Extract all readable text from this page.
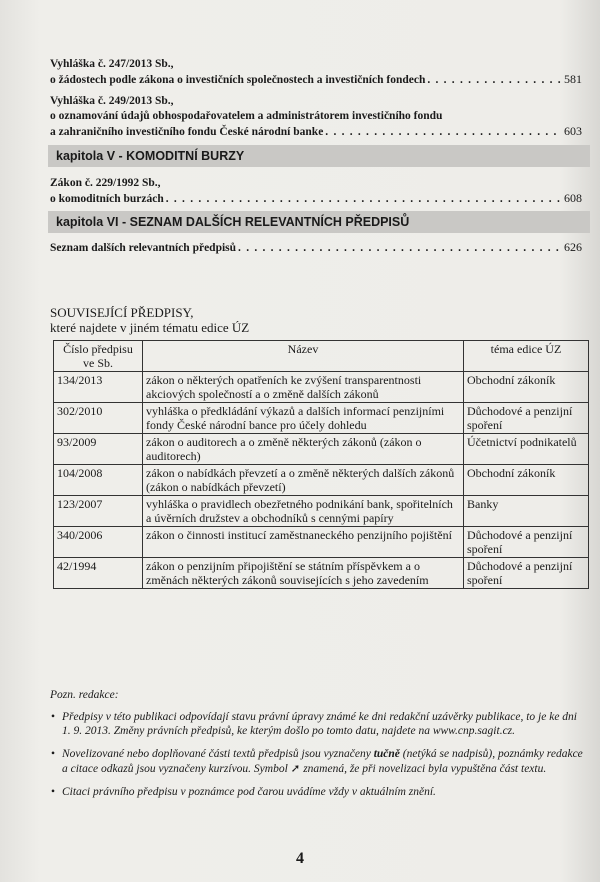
Vyhláška č. 247/2013 Sb.,
o žádostech podle zákona o investičních společnostech a investičních fondech . . .	581
Vyhláška č. 249/2013 Sb.,
o oznamování údajů obhospodařovatelem a administrátorem investičního fondu
a zahraničního investičního fondu České národní banke . . .	603
kapitola V - KOMODITNÍ BURZY
Zákon č. 229/1992 Sb.,
o komoditních burzách . . .	608
kapitola VI - SEZNAM DALŠÍCH RELEVANTNÍCH PŘEDPISŮ
Seznam dalších relevantních předpisů . . .	626
SOUVISEJÍCÍ PŘEDPISY,
které najdete v jiném tématu edice ÚZ
Číslo předpisu ve Sb.	Název	téma edice ÚZ
134/2013	zákon o některých opatřeních ke zvýšení transparentnosti akciových společností a o změně dalších zákonů	Obchodní zákoník
302/2010	vyhláška o předkládání výkazů a dalších informací penzijními fondy České národní bance pro účely dohledu	Důchodové a penzijní spoření
93/2009	zákon o auditorech a o změně některých zákonů (zákon o auditorech)	Účetnictví podnikatelů
104/2008	zákon o nabídkách převzetí a o změně některých dalších zákonů (zákon o nabídkách převzetí)	Obchodní zákoník
123/2007	vyhláška o pravidlech obezřetného podnikání bank, spořitelních a úvěrních družstev a obchodníků s cennými papíry	Banky
340/2006	zákon o činnosti institucí zaměstnaneckého penzijního pojištění	Důchodové a penzijní spoření
42/1994	zákon o penzijním připojištění se státním příspěvkem a o změnách některých zákonů souvisejících s jeho zavedením	Důchodové a penzijní spoření
Pozn. redakce:
• Předpisy v této publikaci odpovídají stavu právní úpravy známé ke dni redakční uzávěrky publikace, to je ke dni 1. 9. 2013. Změny právních předpisů, ke kterým došlo po tomto datu, najdete na www.cnp.sagit.cz.
• Novelizované nebo doplňované části textů předpisů jsou vyznačeny tučně (netýká se nadpisů), poznámky redakce a citace odkazů jsou vyznačeny kurzívou. Symbol ➚ znamená, že při novelizaci byla vypuštěna část textu.
• Citaci právního předpisu v poznámce pod čarou uvádíme vždy v aktuálním znění.
4
